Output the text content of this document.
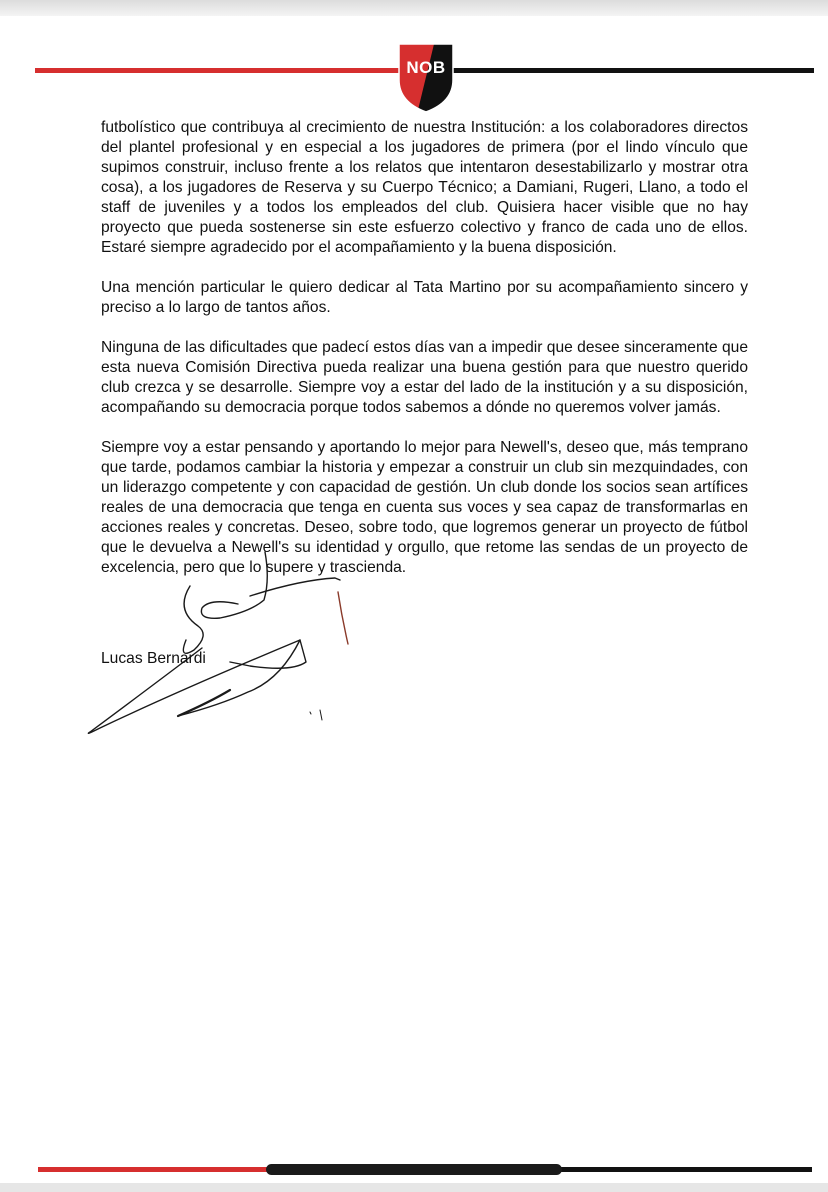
NOB

futbolístico que contribuya al crecimiento de nuestra Institución: a los colaboradores directos del plantel profesional y en especial a los jugadores de primera (por el lindo vínculo que supimos construir, incluso frente a los relatos que intentaron desestabilizarlo y mostrar otra cosa), a los jugadores de Reserva y su Cuerpo Técnico; a Damiani, Rugeri, Llano, a todo el staff de juveniles y a todos los empleados del club. Quisiera hacer visible que no hay proyecto que pueda sostenerse sin este esfuerzo colectivo y franco de cada uno de ellos. Estaré siempre agradecido por el acompañamiento y la buena disposición.

Una mención particular le quiero dedicar al Tata Martino por su acompañamiento sincero y preciso a lo largo de tantos años.

Ninguna de las dificultades que padecí estos días van a impedir que desee sinceramente que esta nueva Comisión Directiva pueda realizar una buena gestión para que nuestro querido club crezca y se desarrolle. Siempre voy a estar del lado de la institución y a su disposición, acompañando su democracia porque todos sabemos a dónde no queremos volver jamás.

Siempre voy a estar pensando y aportando lo mejor para Newell's, deseo que, más temprano que tarde, podamos cambiar la historia y empezar a construir un club sin mezquindades, con un liderazgo competente y con capacidad de gestión. Un club donde los socios sean artífices reales de una democracia que tenga en cuenta sus voces y sea capaz de transformarlas en acciones reales y concretas. Deseo, sobre todo, que logremos generar un proyecto de fútbol que le devuelva a Newell's su identidad y orgullo, que retome las sendas de un proyecto de excelencia, pero que lo supere y trascienda.

Lucas Bernardi
